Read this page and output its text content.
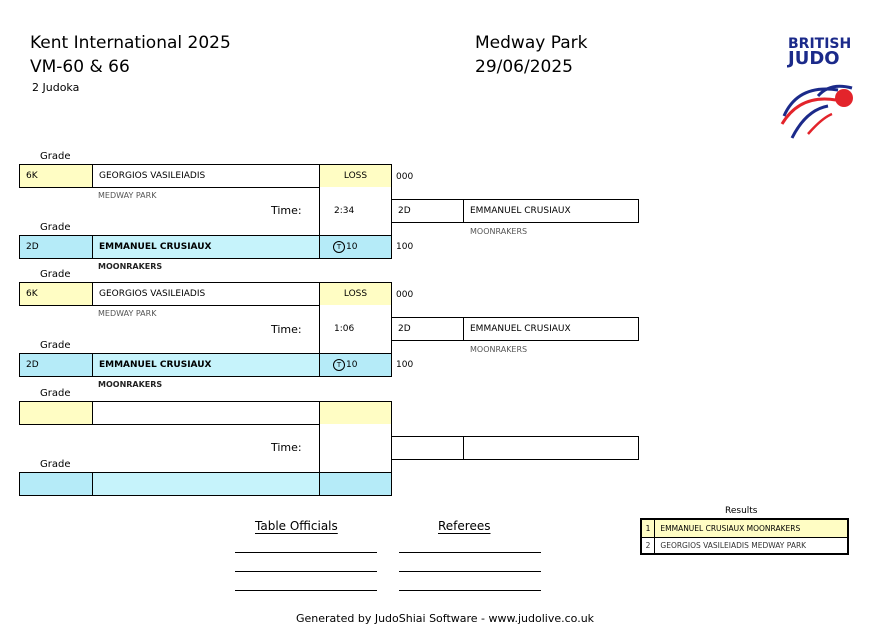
Kent International 2025
VM-60 & 66
2 Judoka
Medway Park
29/06/2025
BRITISH
JUDO
Grade
6K	GEORGIOS VASILEIADIS	LOSS	000
MEDWAY PARK
Time:	2:34	2D	EMMANUEL CRUSIAUX
MOONRAKERS
Grade
2D	EMMANUEL CRUSIAUX	T 10	100
MOONRAKERS
Grade
6K	GEORGIOS VASILEIADIS	LOSS	000
MEDWAY PARK
Time:	1:06	2D	EMMANUEL CRUSIAUX
MOONRAKERS
Grade
2D	EMMANUEL CRUSIAUX	T 10	100
MOONRAKERS
Grade
Time:
Grade
Table Officials	Referees
Results
1 EMMANUEL CRUSIAUX MOONRAKERS
2 GEORGIOS VASILEIADIS MEDWAY PARK
Generated by JudoShiai Software - www.judolive.co.uk
